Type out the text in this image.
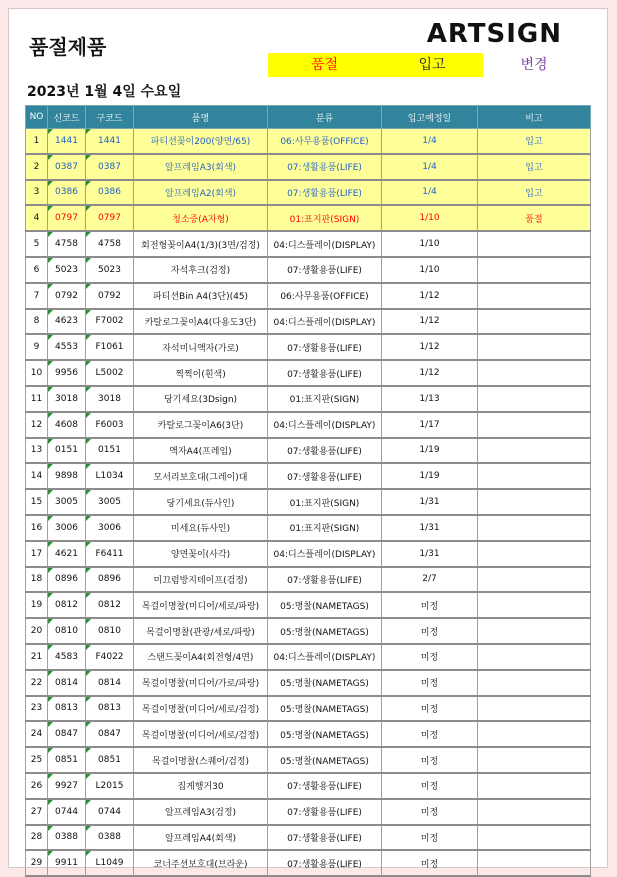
품절제품	ARTSIGN
품절	입고	변경
2023년 1월 4일 수요일
NO	신코드	구코드	품명	분류	입고예정일	비고
1	1441	1441	파티션꽂이200(양면/65)	06:사무용품(OFFICE)	1/4	입고
2	0387	0387	알프레임A3(회색)	07:생활용품(LIFE)	1/4	입고
3	0386	0386	알프레임A2(회색)	07:생활용품(LIFE)	1/4	입고
4	0797	0797	청소중(A자형)	01:표지판(SIGN)	1/10	품절
5	4758	4758	회전형꽂이A4(1/3)(3면/검정)	04:디스플레이(DISPLAY)	1/10	
6	5023	5023	자석후크(검정)	07:생활용품(LIFE)	1/10	
7	0792	0792	파티션Bin A4(3단)(45)	06:사무용품(OFFICE)	1/12	
8	4623	F7002	카탈로그꽂이A4(다용도3단)	04:디스플레이(DISPLAY)	1/12	
9	4553	F1061	자석미니액자(가로)	07:생활용품(LIFE)	1/12	
10	9956	L5002	찍찍이(흰색)	07:생활용품(LIFE)	1/12	
11	3018	3018	당기세요(3Dsign)	01:표지판(SIGN)	1/13	
12	4608	F6003	카탈로그꽂이A6(3단)	04:디스플레이(DISPLAY)	1/17	
13	0151	0151	액자A4(프레임)	07:생활용품(LIFE)	1/19	
14	9898	L1034	모서리보호대(그레이)대	07:생활용품(LIFE)	1/19	
15	3005	3005	당기세요(듀사인)	01:표지판(SIGN)	1/31	
16	3006	3006	미세요(듀사인)	01:표지판(SIGN)	1/31	
17	4621	F6411	양면꽂이(사각)	04:디스플레이(DISPLAY)	1/31	
18	0896	0896	미끄럼방지테이프(검정)	07:생활용품(LIFE)	2/7	
19	0812	0812	목걸이명찰(미디어/세로/파랑)	05:명찰(NAMETAGS)	미정	
20	0810	0810	목걸이명찰(관광/세로/파랑)	05:명찰(NAMETAGS)	미정	
21	4583	F4022	스탠드꽂이A4(회전형/4면)	04:디스플레이(DISPLAY)	미정	
22	0814	0814	목걸이명찰(미디어/가로/파랑)	05:명찰(NAMETAGS)	미정	
23	0813	0813	목걸이명찰(미디어/세로/검정)	05:명찰(NAMETAGS)	미정	
24	0847	0847	목걸이명찰(미디어/세로/검정)	05:명찰(NAMETAGS)	미정	
25	0851	0851	목걸이명찰(스퀘어/검정)	05:명찰(NAMETAGS)	미정	
26	9927	L2015	집게행거30	07:생활용품(LIFE)	미정	
27	0744	0744	알프레임A3(검정)	07:생활용품(LIFE)	미정	
28	0388	0388	알프레임A4(회색)	07:생활용품(LIFE)	미정	
29	9911	L1049	코너주션보호대(브라운)	07:생활용품(LIFE)	미정	
